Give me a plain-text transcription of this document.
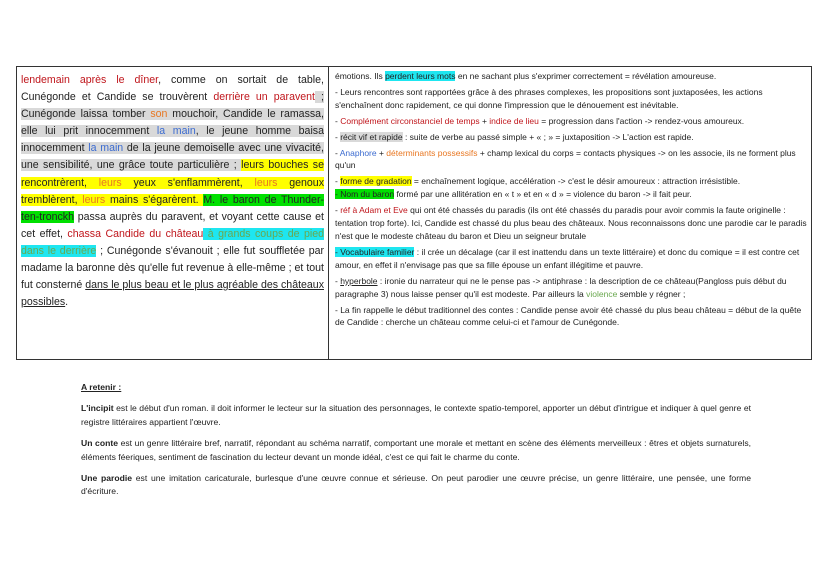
lendemain après le dîner, comme on sortait de table, Cunégonde et Candide se trouvèrent derrière un paravent ; Cunégonde laissa tomber son mouchoir, Candide le ramassa, elle lui prit innocemment la main, le jeune homme baisa innocemment la main de la jeune demoiselle avec une vivacité, une sensibilité, une grâce toute particulière ; leurs bouches se rencontrèrent, leurs yeux s'enflammèrent, leurs genoux tremblèrent, leurs mains s'égarèrent. M. le baron de Thunder-ten-tronckh passa auprès du paravent, et voyant cette cause et cet effet, chassa Candide du château à grands coups de pied dans le derrière ; Cunégonde s'évanouit ; elle fut souffletée par madame la baronne dès qu'elle fut revenue à elle-même ; et tout fut consterné dans le plus beau et le plus agréable des châteaux possibles.

émotions. Ils perdent leurs mots en ne sachant plus s'exprimer correctement = révélation amoureuse.

- Leurs rencontres sont rapportées grâce à des phrases complexes, les propositions sont juxtaposées, les actions s'enchaînent donc rapidement, ce qui donne l'impression que le dénouement est inévitable.

- Complément circonstanciel de temps + indice de lieu = progression dans l'action -> rendez-vous amoureux.

- récit vif et rapide : suite de verbe au passé simple + « ; » = juxtaposition -> L'action est rapide.

- Anaphore + déterminants possessifs + champ lexical du corps = contacts physiques -> on les associe, ils ne forment plus qu'un

- forme de gradation = enchaînement logique, accélération -> c'est le désir amoureux : attraction irrésistible.

- Nom du baron formé par une allitération en « t » et en « d » = violence du baron -> il fait peur.

- réf à Adam et Eve qui ont été chassés du paradis (ils ont été chassés du paradis pour avoir commis la faute originelle : tentation trop forte). Ici, Candide est chassé du plus beau des châteaux. Nous reconnaissons donc une parodie car le paradis n'est que le modeste château du baron et Dieu un seigneur brutale

- Vocabulaire familier : il crée un décalage (car il est inattendu dans un texte littéraire) et donc du comique = il est contre cet amour, en effet il n'envisage pas que sa fille épouse un enfant illégitime et pauvre.

- hyperbole : ironie du narrateur qui ne le pense pas -> antiphrase : la description de ce château(Pangloss puis début du paragraphe 3) nous laisse penser qu'il est modeste. Par ailleurs la violence semble y régner ;

- La fin rappelle le début traditionnel des contes : Candide pense avoir été chassé du plus beau château = début de la quête de Candide : cherche un château comme celui-ci et l'amour de Cunégonde.

A retenir :

L'incipit est le début d'un roman. il doit informer le lecteur sur la situation des personnages, le contexte spatio-temporel, apporter un début d'intrigue et indiquer à quel genre et registre littéraires appartient l'œuvre.

Un conte est un genre littéraire bref, narratif, répondant au schéma narratif, comportant une morale et mettant en scène des éléments merveilleux : êtres et objets surnaturels, éléments féeriques, sentiment de fascination du lecteur devant un monde idéal, c'est ce qui fait le charme du conte.

Une parodie est une imitation caricaturale, burlesque d'une œuvre connue et sérieuse. On peut parodier une œuvre précise, un genre littéraire, une pensée, une forme d'écriture.
